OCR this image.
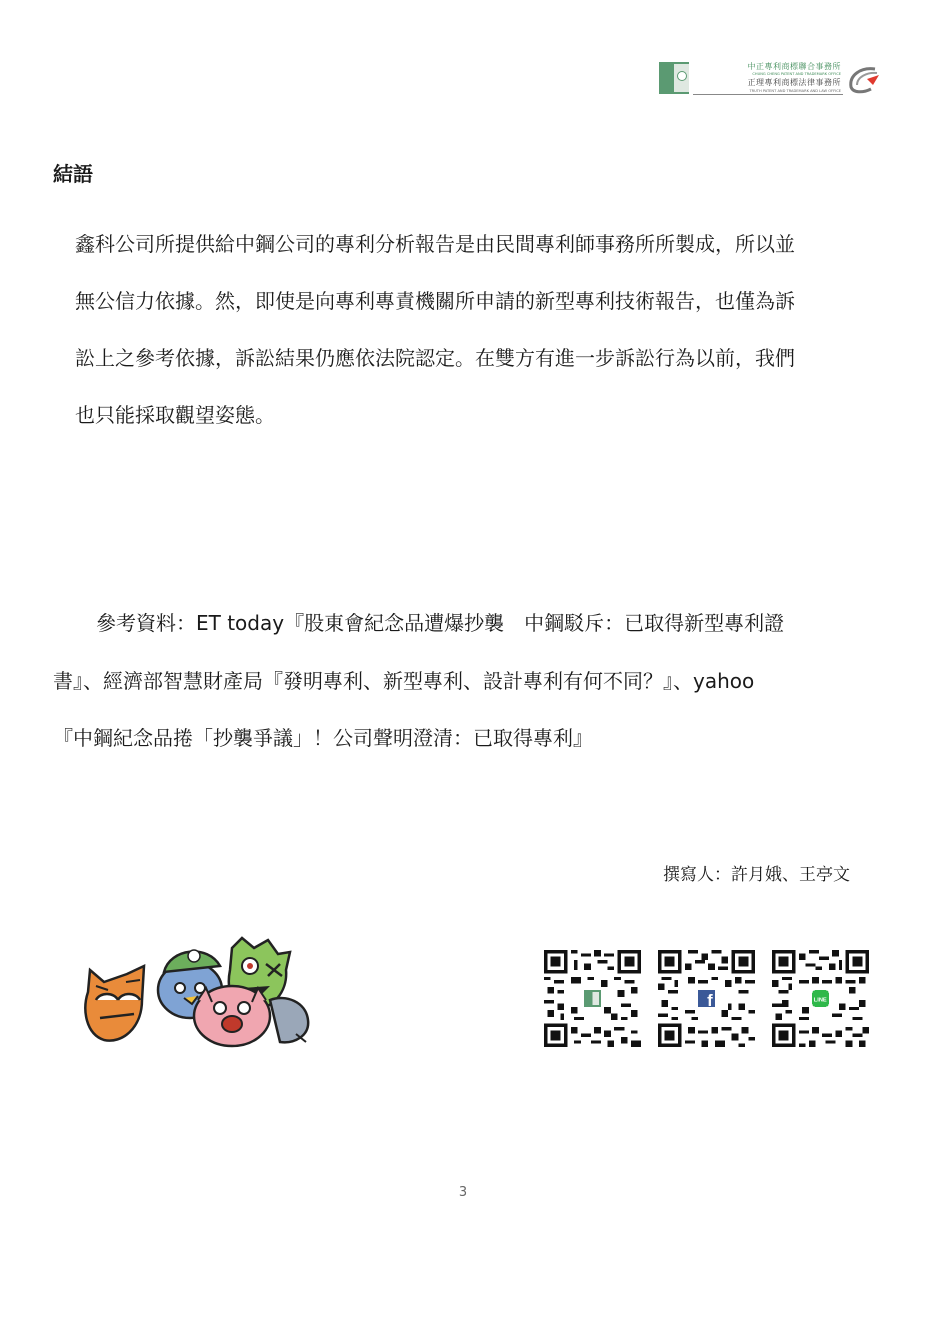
中正專利商標聯合事務所
CHUNG CHENG PATENT AND TRADEMARK OFFICE
正理專利商標法律事務所
TRUTH PATENT AND TRADEMARK AND LAW OFFICE
結語

鑫科公司所提供給中鋼公司的專利分析報告是由民間專利師事務所所製成，所以並

無公信力依據。然，即使是向專利專責機關所申請的新型專利技術報告，也僅為訴

訟上之參考依據，訴訟結果仍應依法院認定。在雙方有進一步訴訟行為以前，我們

也只能採取觀望姿態。

參考資料：ET today『股東會紀念品遭爆抄襲　中鋼駁斥：已取得新型專利證

書』、經濟部智慧財產局『發明專利、新型專利、設計專利有何不同？』、yahoo

『中鋼紀念品捲「抄襲爭議」！公司聲明澄清：已取得專利』

撰寫人：許月娥、王亭文

f	LINE

3
